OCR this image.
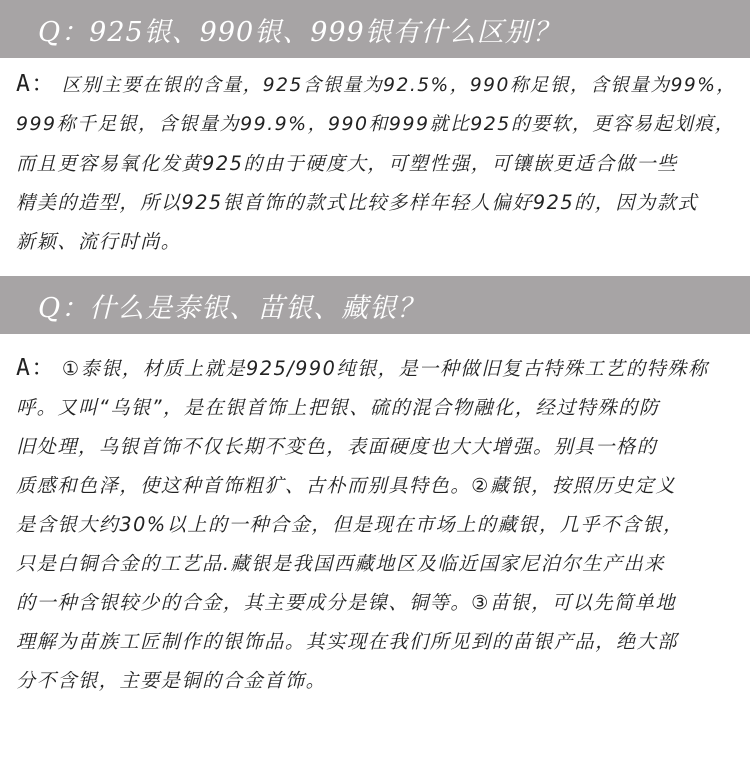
Q：925银、990银、999银有什么区别？
A： 区别主要在银的含量，925含银量为92.5%，990称足银，含银量为99%，
999称千足银，含银量为99.9%，990和999就比925的要软，更容易起划痕，
而且更容易氧化发黄925的由于硬度大，可塑性强，可镶嵌更适合做一些
精美的造型，所以925银首饰的款式比较多样年轻人偏好925的，因为款式
新颖、流行时尚。
Q：什么是泰银、苗银、藏银？
A： ①泰银，材质上就是925/990纯银，是一种做旧复古特殊工艺的特殊称
呼。又叫“乌银”，是在银首饰上把银、硫的混合物融化，经过特殊的防
旧处理，乌银首饰不仅长期不变色，表面硬度也大大增强。别具一格的
质感和色泽，使这种首饰粗犷、古朴而别具特色。②藏银，按照历史定义
是含银大约30%以上的一种合金，但是现在市场上的藏银，几乎不含银，
只是白铜合金的工艺品.藏银是我国西藏地区及临近国家尼泊尔生产出来
的一种含银较少的合金，其主要成分是镍、铜等。③苗银，可以先简单地
理解为苗族工匠制作的银饰品。其实现在我们所见到的苗银产品，绝大部
分不含银，主要是铜的合金首饰。
